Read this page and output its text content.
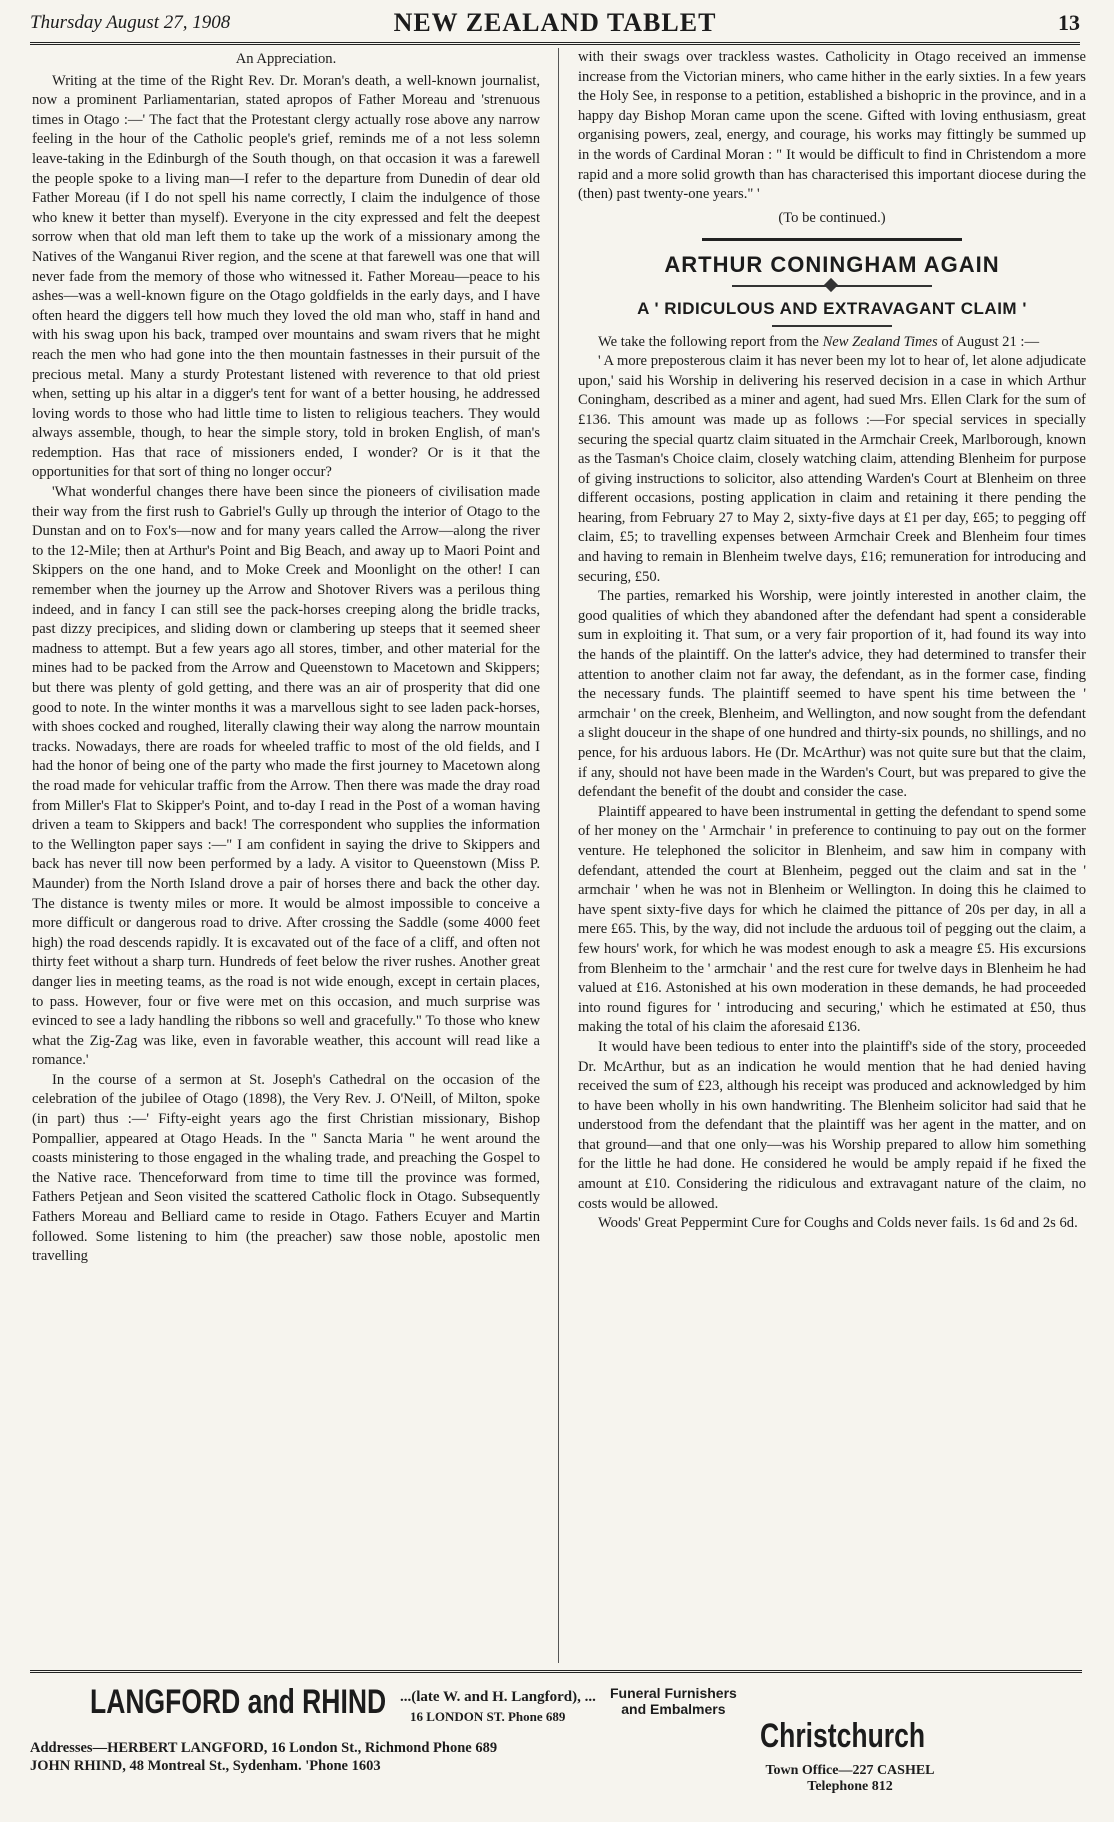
Thursday August 27, 1908	NEW ZEALAND TABLET	13
An Appreciation.

Writing at the time of the Right Rev. Dr. Moran's death, a well-known journalist, now a prominent Parliamentarian, stated apropos of Father Moreau and 'strenuous times in Otago :—' The fact that the Protestant clergy actually rose above any narrow feeling in the hour of the Catholic people's grief, reminds me of a not less solemn leave-taking in the Edinburgh of the South though, on that occasion it was a farewell the people spoke to a living man—I refer to the departure from Dunedin of dear old Father Moreau (if I do not spell his name correctly, I claim the indulgence of those who knew it better than myself). Everyone in the city expressed and felt the deepest sorrow when that old man left them to take up the work of a missionary among the Natives of the Wanganui River region, and the scene at that farewell was one that will never fade from the memory of those who witnessed it. Father Moreau—peace to his ashes—was a well-known figure on the Otago goldfields in the early days, and I have often heard the diggers tell how much they loved the old man who, staff in hand and with his swag upon his back, tramped over mountains and swam rivers that he might reach the men who had gone into the then mountain fastnesses in their pursuit of the precious metal. Many a sturdy Protestant listened with reverence to that old priest when, setting up his altar in a digger's tent for want of a better housing, he addressed loving words to those who had little time to listen to religious teachers. They would always assemble, though, to hear the simple story, told in broken English, of man's redemption. Has that race of missioners ended, I wonder? Or is it that the opportunities for that sort of thing no longer occur?

'What wonderful changes there have been since the pioneers of civilisation made their way from the first rush to Gabriel's Gully up through the interior of Otago to the Dunstan and on to Fox's—now and for many years called the Arrow—along the river to the 12-Mile; then at Arthur's Point and Big Beach, and away up to Maori Point and Skippers on the one hand, and to Moke Creek and Moonlight on the other! I can remember when the journey up the Arrow and Shotover Rivers was a perilous thing indeed, and in fancy I can still see the pack-horses creeping along the bridle tracks, past dizzy precipices, and sliding down or clambering up steeps that it seemed sheer madness to attempt. But a few years ago all stores, timber, and other material for the mines had to be packed from the Arrow and Queenstown to Macetown and Skippers; but there was plenty of gold getting, and there was an air of prosperity that did one good to note. In the winter months it was a marvellous sight to see laden pack-horses, with shoes cocked and roughed, literally clawing their way along the narrow mountain tracks. Nowadays, there are roads for wheeled traffic to most of the old fields, and I had the honor of being one of the party who made the first journey to Macetown along the road made for vehicular traffic from the Arrow. Then there was made the dray road from Miller's Flat to Skipper's Point, and to-day I read in the Post of a woman having driven a team to Skippers and back! The correspondent who supplies the information to the Wellington paper says :—" I am confident in saying the drive to Skippers and back has never till now been performed by a lady. A visitor to Queenstown (Miss P. Maunder) from the North Island drove a pair of horses there and back the other day. The distance is twenty miles or more. It would be almost impossible to conceive a more difficult or dangerous road to drive. After crossing the Saddle (some 4000 feet high) the road descends rapidly. It is excavated out of the face of a cliff, and often not thirty feet without a sharp turn. Hundreds of feet below the river rushes. Another great danger lies in meeting teams, as the road is not wide enough, except in certain places, to pass. However, four or five were met on this occasion, and much surprise was evinced to see a lady handling the ribbons so well and gracefully." To those who knew what the Zig-Zag was like, even in favorable weather, this account will read like a romance.'

In the course of a sermon at St. Joseph's Cathedral on the occasion of the celebration of the jubilee of Otago (1898), the Very Rev. J. O'Neill, of Milton, spoke (in part) thus :—' Fifty-eight years ago the first Christian missionary, Bishop Pompallier, appeared at Otago Heads. In the " Sancta Maria " he went around the coasts ministering to those engaged in the whaling trade, and preaching the Gospel to the Native race. Thenceforward from time to time till the province was formed, Fathers Petjean and Seon visited the scattered Catholic flock in Otago. Subsequently Fathers Moreau and Belliard came to reside in Otago. Fathers Ecuyer and Martin followed. Some listening to him (the preacher) saw those noble, apostolic men travelling

with their swags over trackless wastes. Catholicity in Otago received an immense increase from the Victorian miners, who came hither in the early sixties. In a few years the Holy See, in response to a petition, established a bishopric in the province, and in a happy day Bishop Moran came upon the scene. Gifted with loving enthusiasm, great organising powers, zeal, energy, and courage, his works may fittingly be summed up in the words of Cardinal Moran : " It would be difficult to find in Christendom a more rapid and a more solid growth than has characterised this important diocese during the (then) past twenty-one years." '

(To be continued.)
ARTHUR CONINGHAM AGAIN
A ' RIDICULOUS AND EXTRAVAGANT CLAIM '

We take the following report from the New Zealand Times of August 21 :—

' A more preposterous claim it has never been my lot to hear of, let alone adjudicate upon,' said his Worship in delivering his reserved decision in a case in which Arthur Coningham, described as a miner and agent, had sued Mrs. Ellen Clark for the sum of £136. This amount was made up as follows :—For special services in specially securing the special quartz claim situated in the Armchair Creek, Marlborough, known as the Tasman's Choice claim, closely watching claim, attending Blenheim for purpose of giving instructions to solicitor, also attending Warden's Court at Blenheim on three different occasions, posting application in claim and retaining it there pending the hearing, from February 27 to May 2, sixty-five days at £1 per day, £65; to pegging off claim, £5; to travelling expenses between Armchair Creek and Blenheim four times and having to remain in Blenheim twelve days, £16; remuneration for introducing and securing, £50.

The parties, remarked his Worship, were jointly interested in another claim, the good qualities of which they abandoned after the defendant had spent a considerable sum in exploiting it. That sum, or a very fair proportion of it, had found its way into the hands of the plaintiff. On the latter's advice, they had determined to transfer their attention to another claim not far away, the defendant, as in the former case, finding the necessary funds. The plaintiff seemed to have spent his time between the ' armchair ' on the creek, Blenheim, and Wellington, and now sought from the defendant a slight douceur in the shape of one hundred and thirty-six pounds, no shillings, and no pence, for his arduous labors. He (Dr. McArthur) was not quite sure but that the claim, if any, should not have been made in the Warden's Court, but was prepared to give the defendant the benefit of the doubt and consider the case.

Plaintiff appeared to have been instrumental in getting the defendant to spend some of her money on the ' Armchair ' in preference to continuing to pay out on the former venture. He telephoned the solicitor in Blenheim, and saw him in company with defendant, attended the court at Blenheim, pegged out the claim and sat in the ' armchair ' when he was not in Blenheim or Wellington. In doing this he claimed to have spent sixty-five days for which he claimed the pittance of 20s per day, in all a mere £65. This, by the way, did not include the arduous toil of pegging out the claim, a few hours' work, for which he was modest enough to ask a meagre £5. His excursions from Blenheim to the ' armchair ' and the rest cure for twelve days in Blenheim he had valued at £16. Astonished at his own moderation in these demands, he had proceeded into round figures for ' introducing and securing,' which he estimated at £50, thus making the total of his claim the aforesaid £136.

It would have been tedious to enter into the plaintiff's side of the story, proceeded Dr. McArthur, but as an indication he would mention that he had denied having received the sum of £23, although his receipt was produced and acknowledged by him to have been wholly in his own handwriting. The Blenheim solicitor had said that he understood from the defendant that the plaintiff was her agent in the matter, and on that ground—and that one only—was his Worship prepared to allow him something for the little he had done. He considered he would be amply repaid if he fixed the amount at £10. Considering the ridiculous and extravagant nature of the claim, no costs would be allowed.

Woods' Great Peppermint Cure for Coughs and Colds never fails. 1s 6d and 2s 6d.

LANGFORD and RHIND ...(late W. and H. Langford), ...
16 LONDON ST. Phone 689
Funeral Furnishers
and Embalmers
Christchurch
Town Office—227 CASHEL
Telephone 812
Addresses—HERBERT LANGFORD, 16 London St., Richmond Phone 689
JOHN RHIND, 48 Montreal St., Sydenham. 'Phone 1603
